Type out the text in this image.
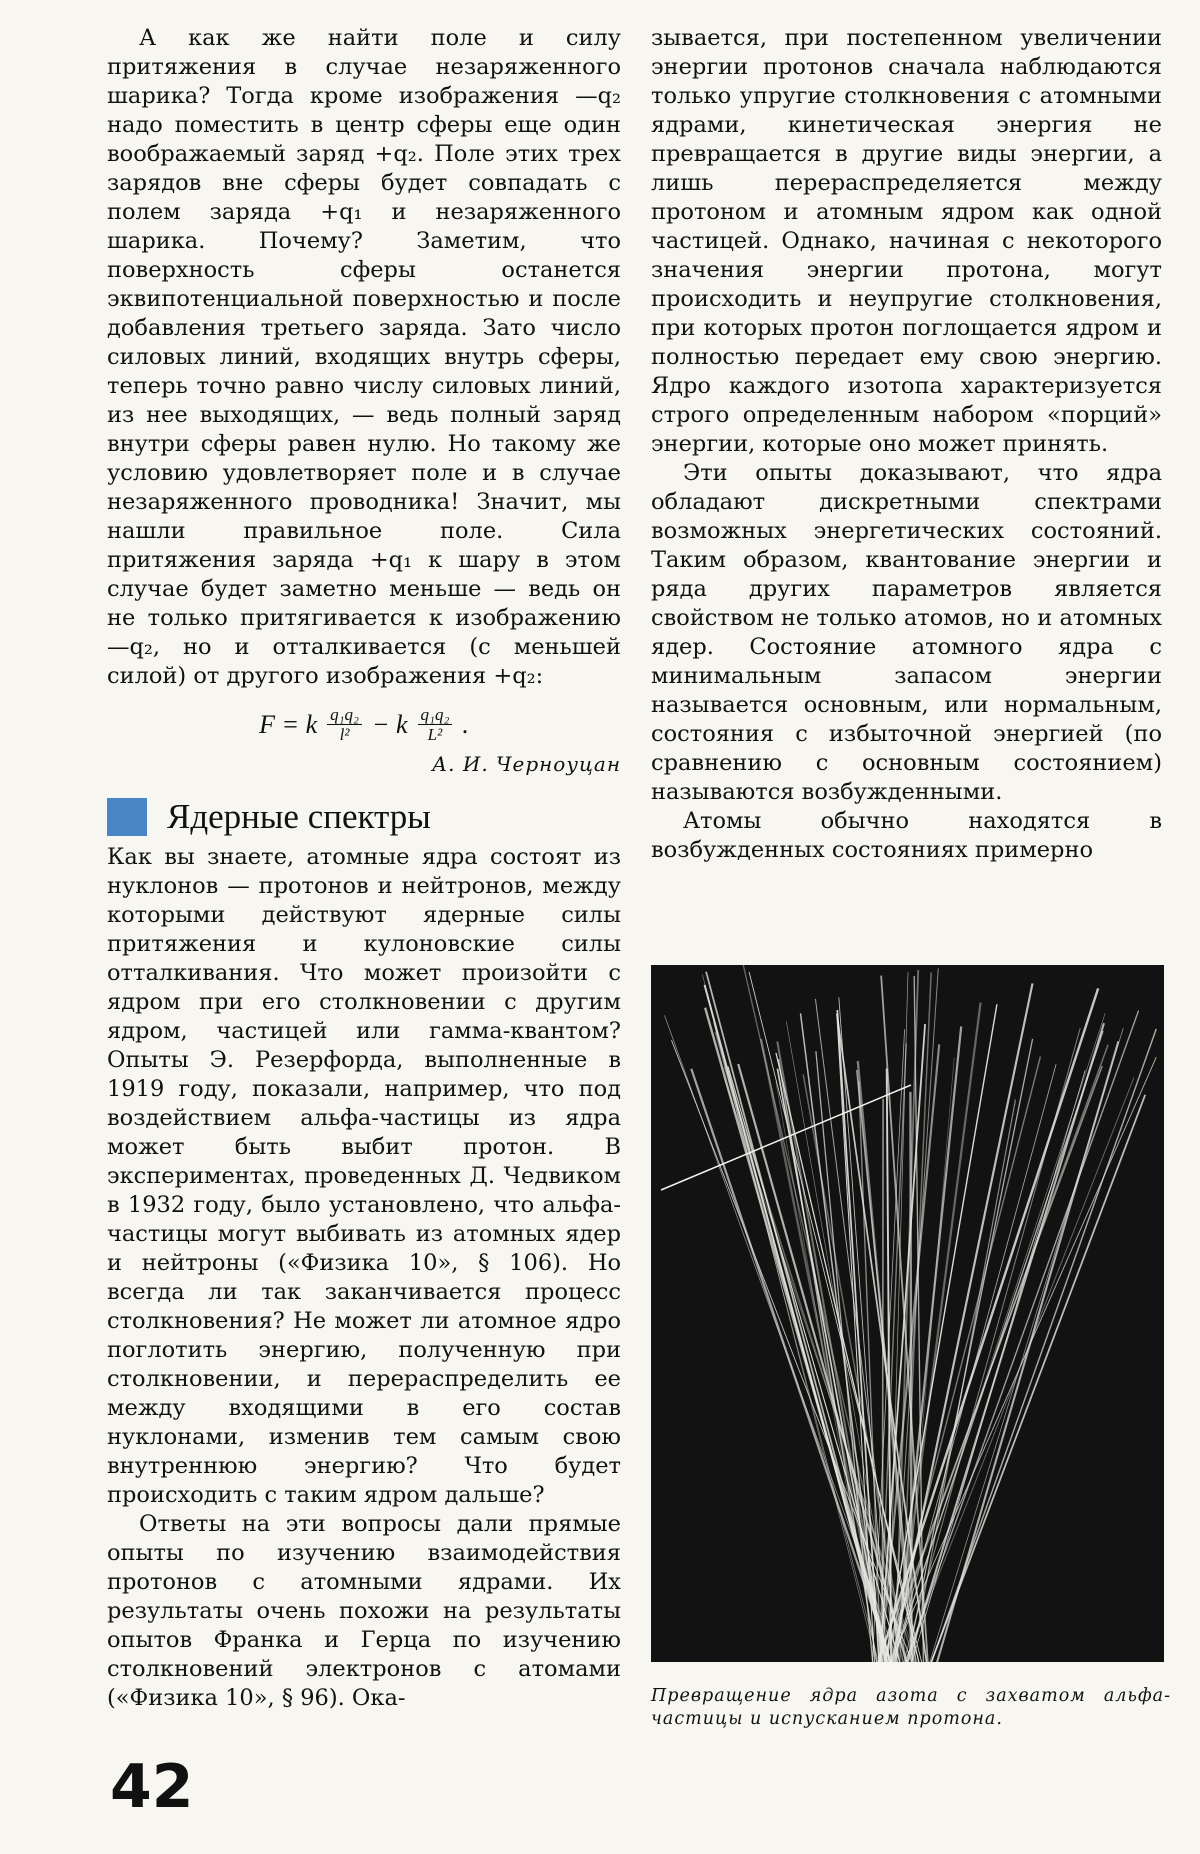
А как же найти поле и силу притяжения в случае незаряженного шарика? Тогда кроме изображения —q₂ надо поместить в центр сферы еще один воображаемый заряд +q₂. Поле этих трех зарядов вне сферы будет совпадать с полем заряда +q₁ и незаряженного шарика. Почему? Заметим, что поверхность сферы останется эквипотенциальной поверхностью и после добавления третьего заряда. Зато число силовых линий, входящих внутрь сферы, теперь точно равно числу силовых линий, из нее выходящих, — ведь полный заряд внутри сферы равен нулю. Но такому же условию удовлетворяет поле и в случае незаряженного проводника! Значит, мы нашли правильное поле. Сила притяжения заряда +q₁ к шару в этом случае будет заметно меньше — ведь он не только притягивается к изображению —q₂, но и отталкивается (с меньшей силой) от другого изображения +q₂:

F = k $\frac{\text{q₁q₂}}{\text{l²}} - k \frac{\text{q₁q₂}}{\text{L²}}$ .
А. И. Черноуцан
Ядерные спектры

Как вы знаете, атомные ядра состоят из нуклонов — протонов и нейтронов, между которыми действуют ядерные силы притяжения и кулоновские силы отталкивания. Что может произойти с ядром при его столкновении с другим ядром, частицей или гамма-квантом? Опыты Э. Резерфорда, выполненные в 1919 году, показали, например, что под воздействием альфа-частицы из ядра может быть выбит протон. В экспериментах, проведенных Д. Чедвиком в 1932 году, было установлено, что альфа-частицы могут выбивать из атомных ядер и нейтроны («Физика 10», § 106). Но всегда ли так заканчивается процесс столкновения? Не может ли атомное ядро поглотить энергию, полученную при столкновении, и перераспределить ее между входящими в его состав нуклонами, изменив тем самым свою внутреннюю энергию? Что будет происходить с таким ядром дальше?

Ответы на эти вопросы дали прямые опыты по изучению взаимодействия протонов с атомными ядрами. Их результаты очень похожи на результаты опытов Франка и Герца по изучению столкновений электронов с атомами («Физика 10», § 96). Ока-

зывается, при постепенном увеличении энергии протонов сначала наблюдаются только упругие столкновения с атомными ядрами, кинетическая энергия не превращается в другие виды энергии, а лишь перераспределяется между протоном и атомным ядром как одной частицей. Однако, начиная с некоторого значения энергии протона, могут происходить и неупругие столкновения, при которых протон поглощается ядром и полностью передает ему свою энергию. Ядро каждого изотопа характеризуется строго определенным набором «порций» энергии, которые оно может принять.

Эти опыты доказывают, что ядра обладают дискретными спектрами возможных энергетических состояний. Таким образом, квантование энергии и ряда других параметров является свойством не только атомов, но и атомных ядер. Состояние атомного ядра с минимальным запасом энергии называется основным, или нормальным, состояния с избыточной энергией (по сравнению с основным состоянием) называются возбужденными.

Атомы обычно находятся в возбужденных состояниях примерно

Превращение ядра азота с захватом альфа-частицы и испусканием протона.
42
